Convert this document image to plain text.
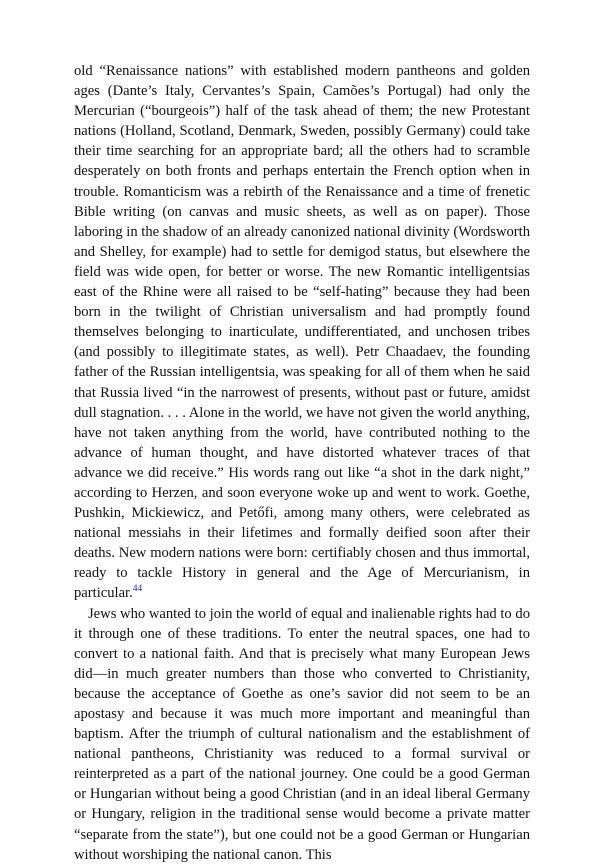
old “Renaissance nations” with established modern pantheons and golden ages (Dante’s Italy, Cervantes’s Spain, Camões’s Portugal) had only the Mercurian (“bourgeois”) half of the task ahead of them; the new Protestant nations (Holland, Scotland, Denmark, Sweden, possibly Germany) could take their time searching for an appropriate bard; all the others had to scramble desperately on both fronts and perhaps entertain the French option when in trouble. Romanticism was a rebirth of the Renaissance and a time of frenetic Bible writing (on canvas and music sheets, as well as on paper). Those laboring in the shadow of an already canonized national divinity (Wordsworth and Shelley, for example) had to settle for demigod status, but elsewhere the field was wide open, for better or worse. The new Romantic intelligentsias east of the Rhine were all raised to be “self-hating” because they had been born in the twilight of Christian universalism and had promptly found themselves belonging to inarticulate, undifferentiated, and unchosen tribes (and possibly to illegitimate states, as well). Petr Chaadaev, the founding father of the Russian intelligentsia, was speaking for all of them when he said that Russia lived “in the narrowest of presents, without past or future, amidst dull stagnation. . . . Alone in the world, we have not given the world anything, have not taken anything from the world, have contributed nothing to the advance of human thought, and have distorted whatever traces of that advance we did receive.” His words rang out like “a shot in the dark night,” according to Herzen, and soon everyone woke up and went to work. Goethe, Pushkin, Mickiewicz, and Petőfi, among many others, were celebrated as national messiahs in their lifetimes and formally deified soon after their deaths. New modern nations were born: certifiably chosen and thus immortal, ready to tackle History in general and the Age of Mercurianism, in particular.$^{44}$

Jews who wanted to join the world of equal and inalienable rights had to do it through one of these traditions. To enter the neutral spaces, one had to convert to a national faith. And that is precisely what many European Jews did—in much greater numbers than those who converted to Christianity, because the acceptance of Goethe as one’s savior did not seem to be an apostasy and because it was much more important and meaningful than baptism. After the triumph of cultural nationalism and the establishment of national pantheons, Christianity was reduced to a formal survival or reinterpreted as a part of the national journey. One could be a good German or Hungarian without being a good Christian (and in an ideal liberal Germany or Hungary, religion in the traditional sense would become a private matter “separate from the state”), but one could not be a good German or Hungarian without worshiping the national canon. This
